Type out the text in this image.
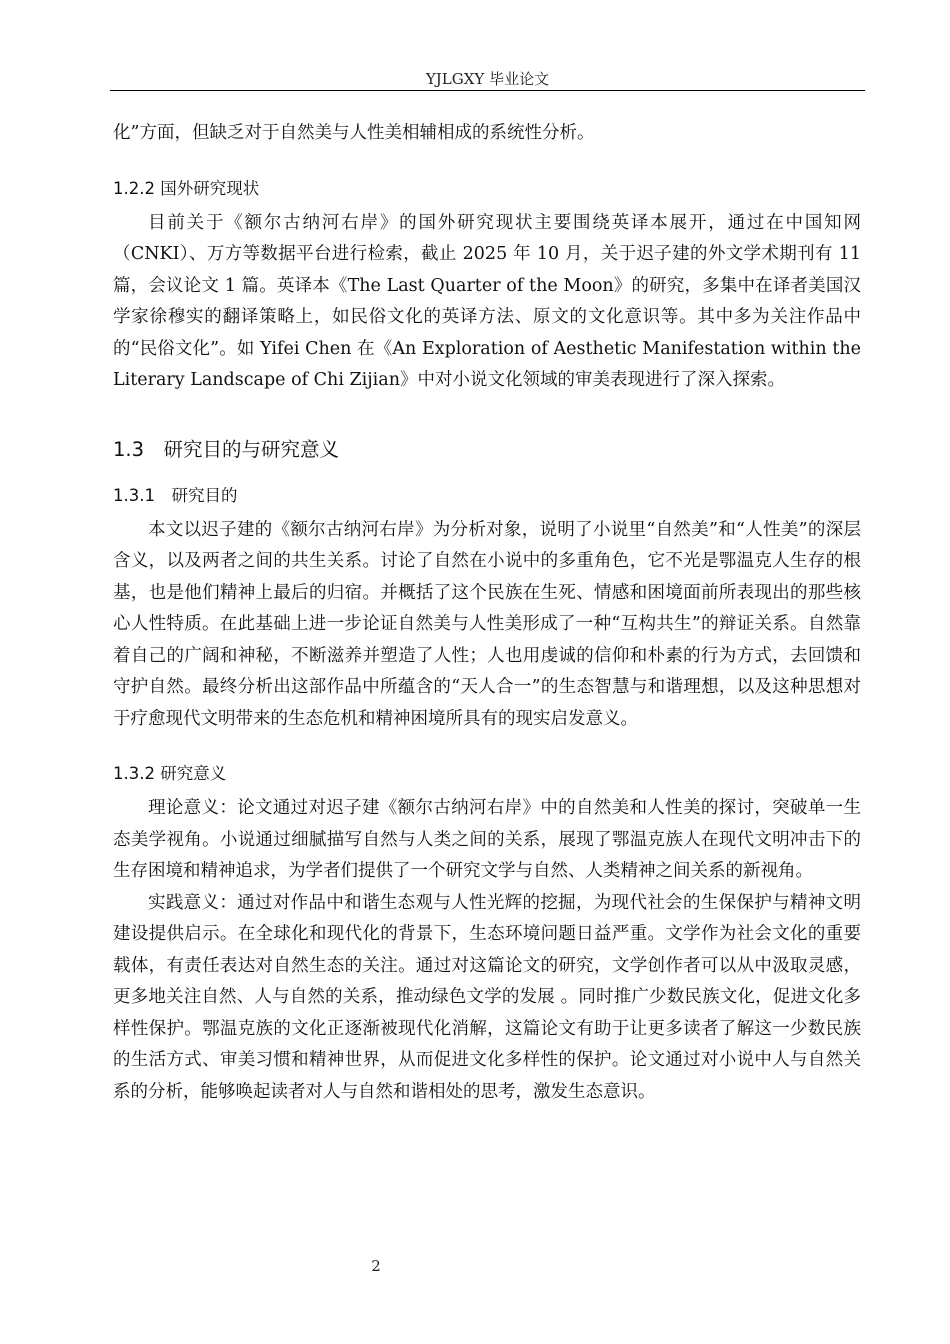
YJLGXY 毕业论文

化”方面，但缺乏对于自然美与人性美相辅相成的系统性分析。

1.2.2 国外研究现状

目前关于《额尔古纳河右岸》的国外研究现状主要围绕英译本展开，通过在中国知网（CNKI）、万方等数据平台进行检索，截止 2025 年 10 月，关于迟子建的外文学术期刊有 11 篇，会议论文 1 篇。英译本《The Last Quarter of the Moon》的研究，多集中在译者美国汉学家徐穆实的翻译策略上，如民俗文化的英译方法、原文的文化意识等。其中多为关注作品中的“民俗文化”。如 Yifei Chen 在《An Exploration of Aesthetic Manifestation within the Literary Landscape of Chi Zijian》中对小说文化领域的审美表现进行了深入探索。

1.3　研究目的与研究意义

1.3.1　研究目的

本文以迟子建的《额尔古纳河右岸》为分析对象，说明了小说里“自然美”和“人性美”的深层含义，以及两者之间的共生关系。讨论了自然在小说中的多重角色，它不光是鄂温克人生存的根基，也是他们精神上最后的归宿。并概括了这个民族在生死、情感和困境面前所表现出的那些核心人性特质。在此基础上进一步论证自然美与人性美形成了一种“互构共生”的辩证关系。自然靠着自己的广阔和神秘，不断滋养并塑造了人性；人也用虔诚的信仰和朴素的行为方式，去回馈和守护自然。最终分析出这部作品中所蕴含的“天人合一”的生态智慧与和谐理想，以及这种思想对于疗愈现代文明带来的生态危机和精神困境所具有的现实启发意义。

1.3.2 研究意义

理论意义：论文通过对迟子建《额尔古纳河右岸》中的自然美和人性美的探讨，突破单一生态美学视角。小说通过细腻描写自然与人类之间的关系，展现了鄂温克族人在现代文明冲击下的生存困境和精神追求，为学者们提供了一个研究文学与自然、人类精神之间关系的新视角。

实践意义：通过对作品中和谐生态观与人性光辉的挖掘，为现代社会的生保保护与精神文明建设提供启示。在全球化和现代化的背景下，生态环境问题日益严重。文学作为社会文化的重要载体，有责任表达对自然生态的关注。通过对这篇论文的研究，文学创作者可以从中汲取灵感，更多地关注自然、人与自然的关系，推动绿色文学的发展 。同时推广少数民族文化，促进文化多样性保护。鄂温克族的文化正逐渐被现代化消解，这篇论文有助于让更多读者了解这一少数民族的生活方式、审美习惯和精神世界，从而促进文化多样性的保护。论文通过对小说中人与自然关系的分析，能够唤起读者对人与自然和谐相处的思考，激发生态意识。

2
